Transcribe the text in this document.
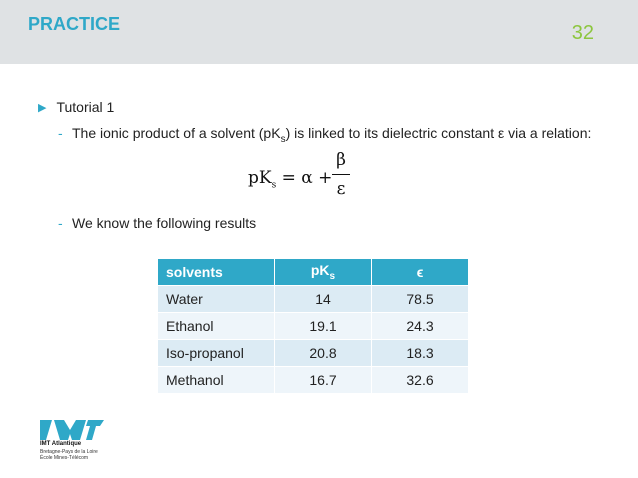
PRACTICE	32
▶ Tutorial 1
- The ionic product of a solvent $(pK_s)$ is linked to its dielectric constant ε via a relation:
$pK_s = \alpha$ +
β
ε
- We know the following results
solvents	$pK_s$	ϵ
Water	14	78.5
Ethanol	19.1	24.3
Iso-propanol	20.8	18.3
Methanol	16.7	32.6
IMT Atlantique
Bretagne-Pays de la Loire
École Mines-Télécom
